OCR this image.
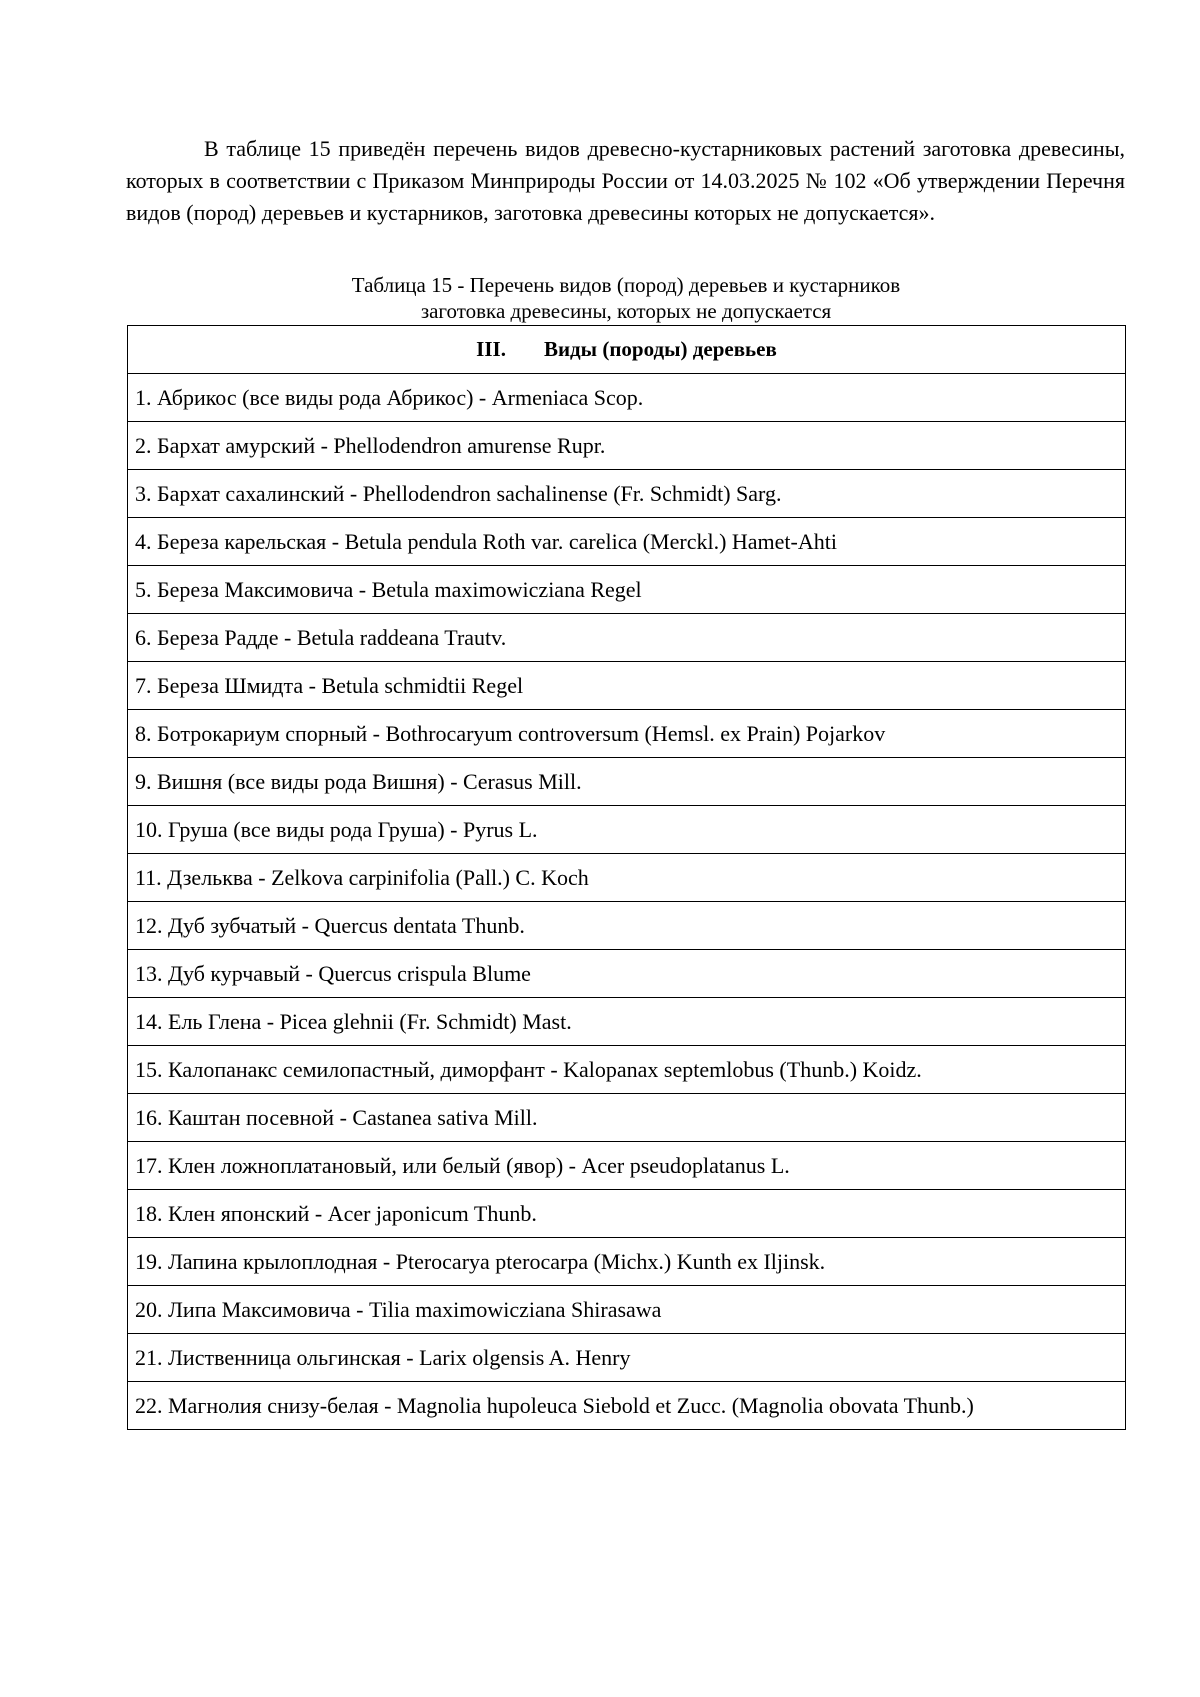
В таблице 15 приведён перечень видов древесно-кустарниковых растений заготовка древесины, которых в соответствии с Приказом Минприроды России от 14.03.2025 № 102 «Об утверждении Перечня видов (пород) деревьев и кустарников, заготовка древесины которых не допускается».

Таблица 15 - Перечень видов (пород) деревьев и кустарников
заготовка древесины, которых не допускается
III. Виды (породы) деревьев
1. Абрикос (все виды рода Абрикос) - Armeniaca Scop.
2. Бархат амурский - Phellodendron amurense Rupr.
3. Бархат сахалинский - Phellodendron sachalinense (Fr. Schmidt) Sarg.
4. Береза карельская - Betula pendula Roth var. carelica (Merckl.) Hamet-Ahti
5. Береза Максимовича - Betula maximowicziana Regel
6. Береза Радде - Betula raddeana Trautv.
7. Береза Шмидта - Betula schmidtii Regel
8. Ботрокариум спорный - Bothrocaryum controversum (Hemsl. ex Prain) Pojarkov
9. Вишня (все виды рода Вишня) - Cerasus Mill.
10. Груша (все виды рода Груша) - Pyrus L.
11. Дзельква - Zelkova carpinifolia (Pall.) C. Koch
12. Дуб зубчатый - Quercus dentata Thunb.
13. Дуб курчавый - Quercus crispula Blume
14. Ель Глена - Picea glehnii (Fr. Schmidt) Mast.
15. Калопанакс семилопастный, диморфант - Kalopanax septemlobus (Thunb.) Koidz.
16. Каштан посевной - Castanea sativa Mill.
17. Клен ложноплатановый, или белый (явор) - Acer pseudoplatanus L.
18. Клен японский - Acer japonicum Thunb.
19. Лапина крылоплодная - Pterocarya pterocarpa (Michx.) Kunth ex Iljinsk.
20. Липа Максимовича - Tilia maximowicziana Shirasawa
21. Лиственница ольгинская - Larix olgensis A. Henry
22. Магнолия снизу-белая - Magnolia hupoleuca Siebold et Zucc. (Magnolia obovata Thunb.)
